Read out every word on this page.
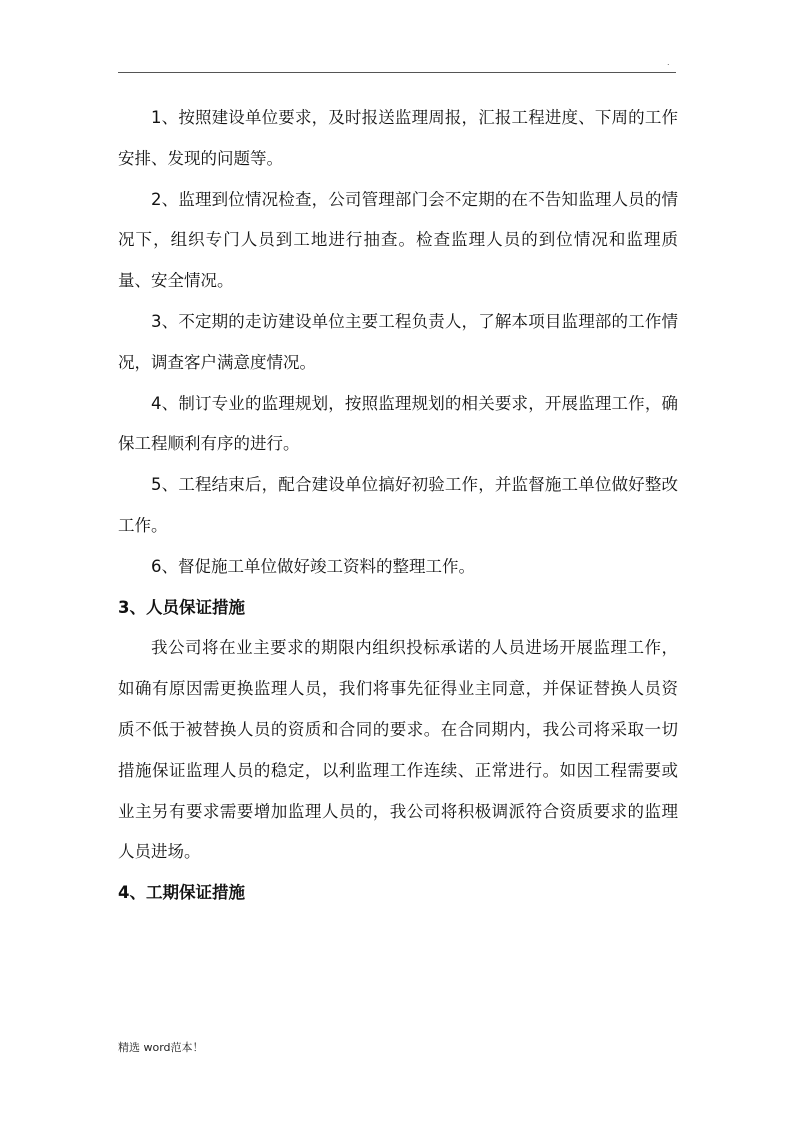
.

1、按照建设单位要求，及时报送监理周报，汇报工程进度、下周的工作安排、发现的问题等。

2、监理到位情况检查，公司管理部门会不定期的在不告知监理人员的情况下，组织专门人员到工地进行抽查。检查监理人员的到位情况和监理质量、安全情况。

3、不定期的走访建设单位主要工程负责人，了解本项目监理部的工作情况，调查客户满意度情况。

4、制订专业的监理规划，按照监理规划的相关要求，开展监理工作，确保工程顺利有序的进行。

5、工程结束后，配合建设单位搞好初验工作，并监督施工单位做好整改工作。

6、督促施工单位做好竣工资料的整理工作。

3、人员保证措施

我公司将在业主要求的期限内组织投标承诺的人员进场开展监理工作，如确有原因需更换监理人员，我们将事先征得业主同意，并保证替换人员资质不低于被替换人员的资质和合同的要求。在合同期内，我公司将采取一切措施保证监理人员的稳定，以利监理工作连续、正常进行。如因工程需要或业主另有要求需要增加监理人员的，我公司将积极调派符合资质要求的监理人员进场。

4、工期保证措施

精选 word范本！
